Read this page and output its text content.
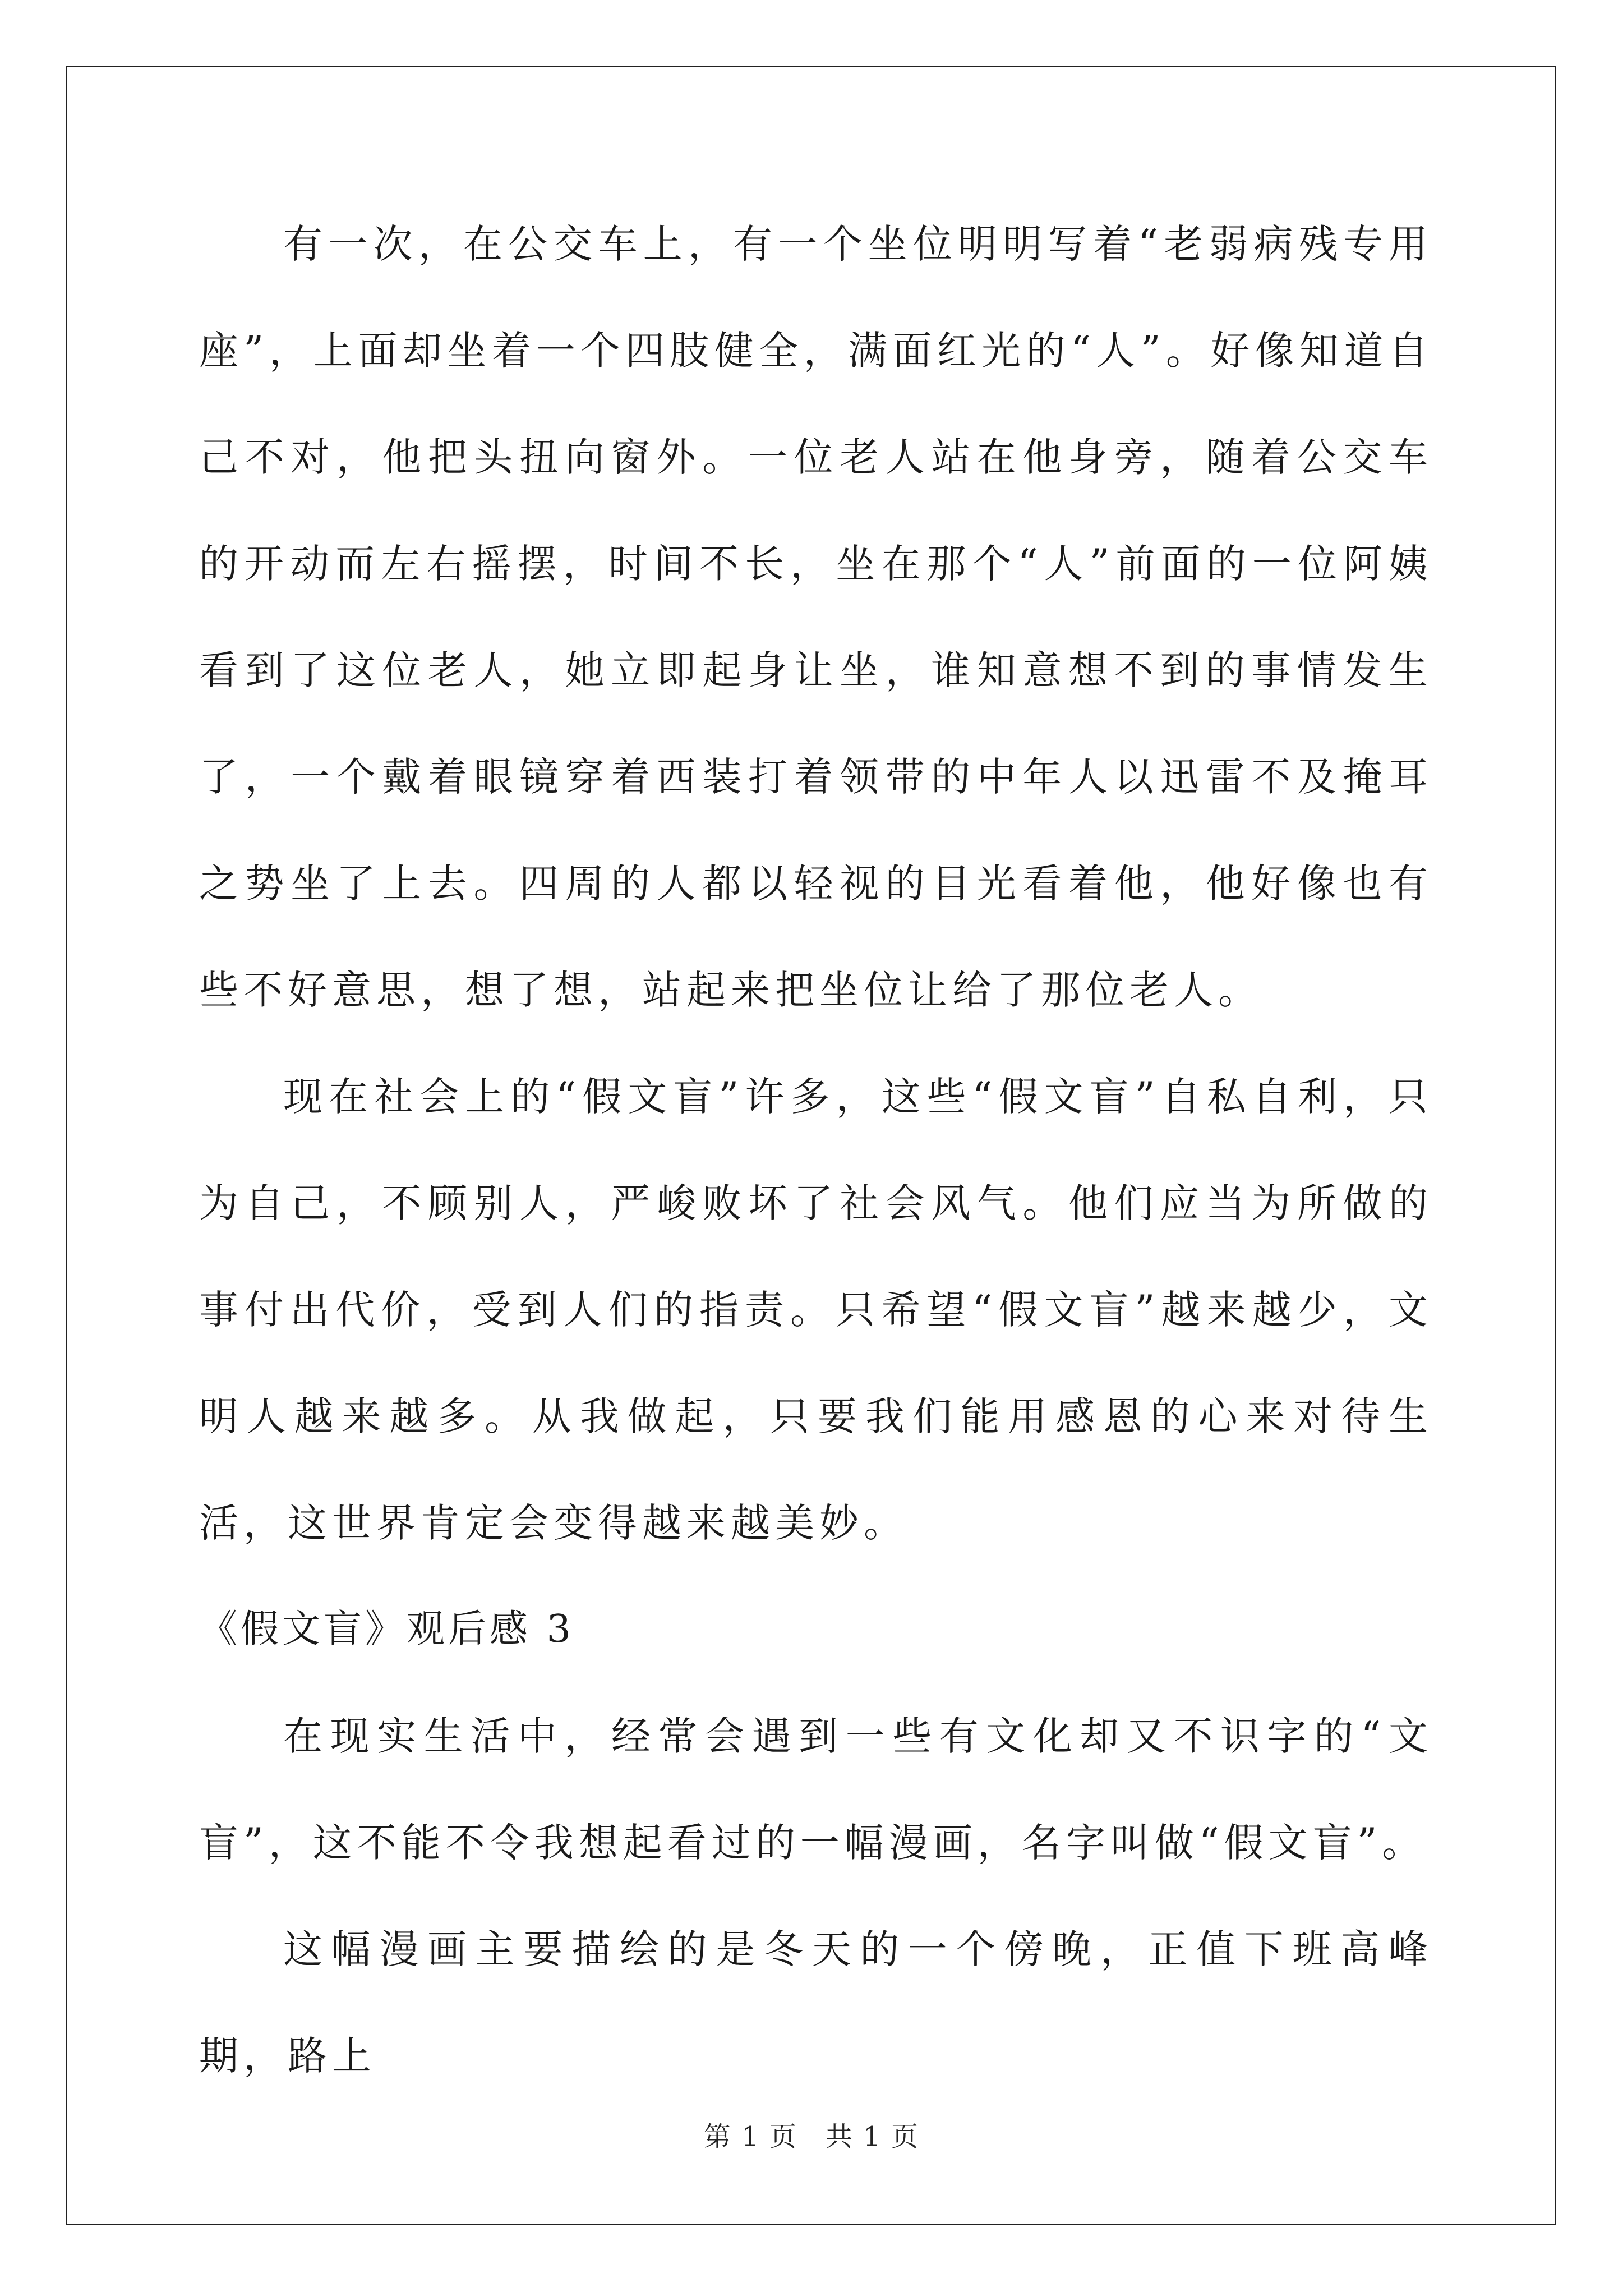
有一次，在公交车上，有一个坐位明明写着“老弱病残专用座”，上面却坐着一个四肢健全，满面红光的“人”。好像知道自己不对，他把头扭向窗外。一位老人站在他身旁，随着公交车的开动而左右摇摆，时间不长，坐在那个“人”前面的一位阿姨看到了这位老人，她立即起身让坐，谁知意想不到的事情发生了，一个戴着眼镜穿着西装打着领带的中年人以迅雷不及掩耳之势坐了上去。四周的人都以轻视的目光看着他，他好像也有些不好意思，想了想，站起来把坐位让给了那位老人。

现在社会上的“假文盲”许多，这些“假文盲”自私自利，只为自己，不顾别人，严峻败坏了社会风气。他们应当为所做的事付出代价，受到人们的指责。只希望“假文盲”越来越少，文明人越来越多。从我做起，只要我们能用感恩的心来对待生活，这世界肯定会变得越来越美妙。

《假文盲》观后感 3

在现实生活中，经常会遇到一些有文化却又不识字的“文盲”，这不能不令我想起看过的一幅漫画，名字叫做“假文盲”。

这幅漫画主要描绘的是冬天的一个傍晚，正值下班高峰期，路上

第 1 页　共 1 页
